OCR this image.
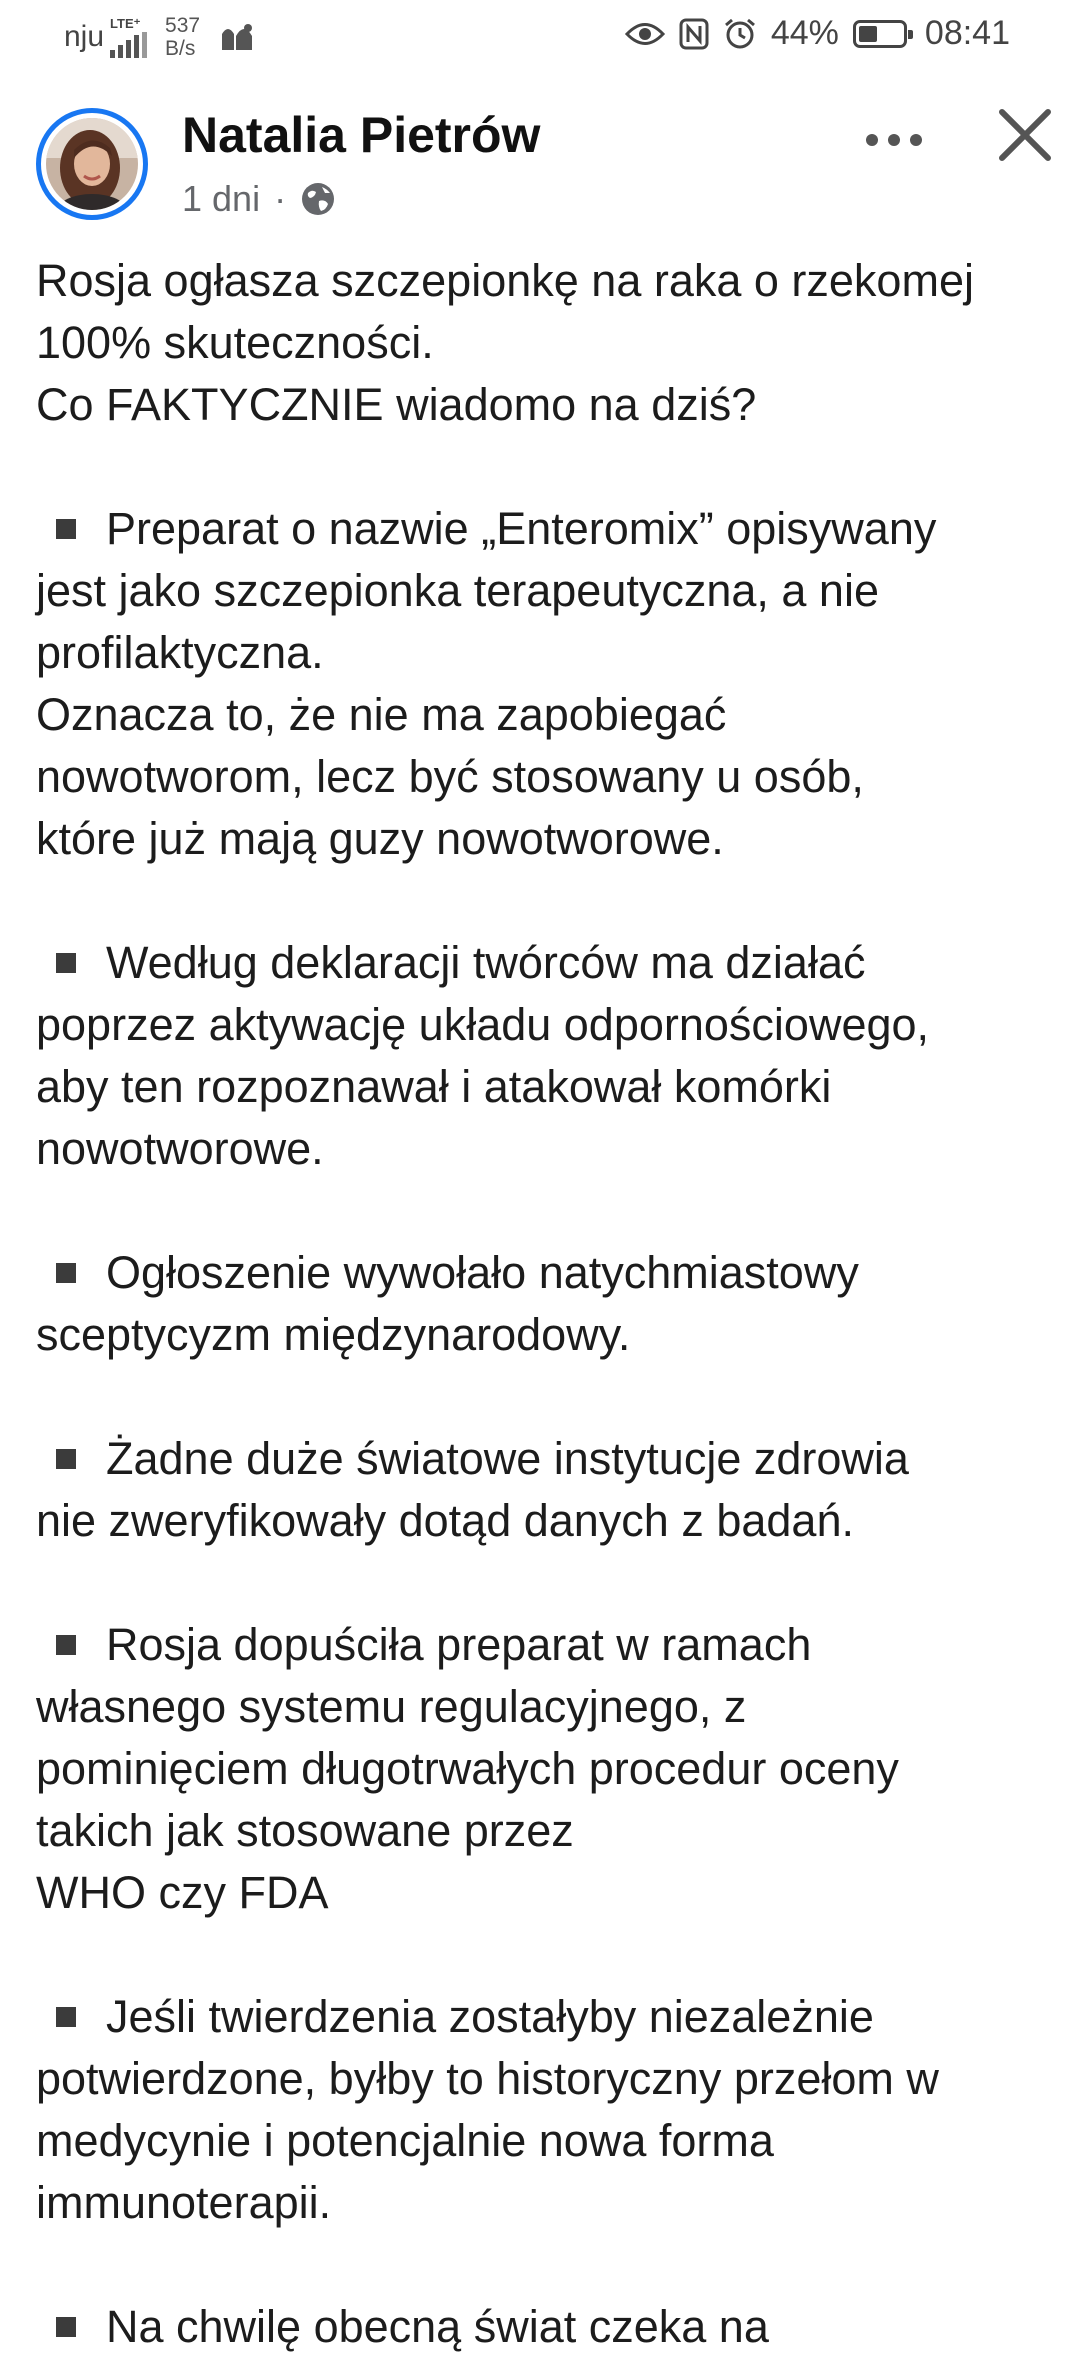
nju LTE⁺ 537
B/s	44%	08:41
Natalia Pietrów
1 dni ·

Rosja ogłasza szczepionkę na raka o rzekomej

100% skuteczności.

Co FAKTYCZNIE wiadomo na dziś?

Preparat o nazwie „Enteromix” opisywany

jest jako szczepionka terapeutyczna, a nie

profilaktyczna.

Oznacza to, że nie ma zapobiegać

nowotworom, lecz być stosowany u osób,

które już mają guzy nowotworowe.

Według deklaracji twórców ma działać

poprzez aktywację układu odpornościowego,

aby ten rozpoznawał i atakował komórki

nowotworowe.

Ogłoszenie wywołało natychmiastowy

sceptycyzm międzynarodowy.

Żadne duże światowe instytucje zdrowia

nie zweryfikowały dotąd danych z badań.

Rosja dopuściła preparat w ramach

własnego systemu regulacyjnego, z

pominięciem długotrwałych procedur oceny

takich jak stosowane przez

WHO czy FDA

Jeśli twierdzenia zostałyby niezależnie

potwierdzone, byłby to historyczny przełom w

medycynie i potencjalnie nowa forma

immunoterapii.

Na chwilę obecną świat czeka na
